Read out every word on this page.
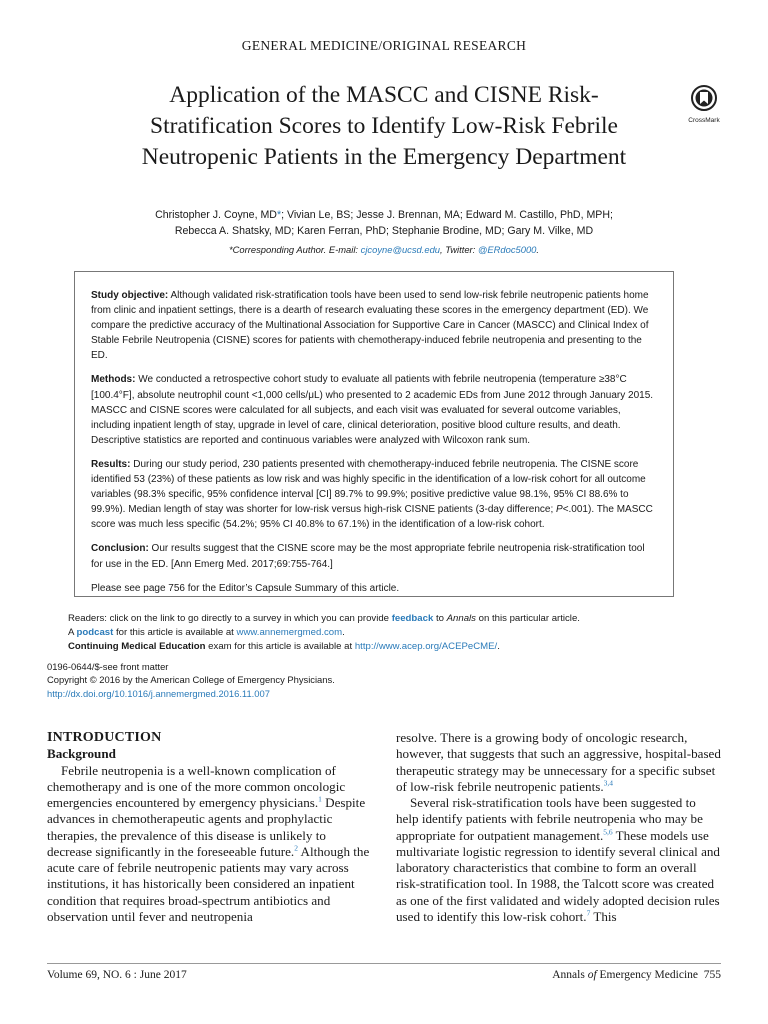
GENERAL MEDICINE/ORIGINAL RESEARCH
Application of the MASCC and CISNE Risk-Stratification Scores to Identify Low-Risk Febrile Neutropenic Patients in the Emergency Department
CrossMark
Christopher J. Coyne, MD*; Vivian Le, BS; Jesse J. Brennan, MA; Edward M. Castillo, PhD, MPH;
Rebecca A. Shatsky, MD; Karen Ferran, PhD; Stephanie Brodine, MD; Gary M. Vilke, MD
*Corresponding Author. E-mail: cjcoyne@ucsd.edu, Twitter: @ERdoc5000.

Study objective: Although validated risk-stratification tools have been used to send low-risk febrile neutropenic patients home from clinic and inpatient settings, there is a dearth of research evaluating these scores in the emergency department (ED). We compare the predictive accuracy of the Multinational Association for Supportive Care in Cancer (MASCC) and Clinical Index of Stable Febrile Neutropenia (CISNE) scores for patients with chemotherapy-induced febrile neutropenia and presenting to the ED.

Methods: We conducted a retrospective cohort study to evaluate all patients with febrile neutropenia (temperature ≥38°C [100.4°F], absolute neutrophil count <1,000 cells/μL) who presented to 2 academic EDs from June 2012 through January 2015. MASCC and CISNE scores were calculated for all subjects, and each visit was evaluated for several outcome variables, including inpatient length of stay, upgrade in level of care, clinical deterioration, positive blood culture results, and death. Descriptive statistics are reported and continuous variables were analyzed with Wilcoxon rank sum.

Results: During our study period, 230 patients presented with chemotherapy-induced febrile neutropenia. The CISNE score identified 53 (23%) of these patients as low risk and was highly specific in the identification of a low-risk cohort for all outcome variables (98.3% specific, 95% confidence interval [CI] 89.7% to 99.9%; positive predictive value 98.1%, 95% CI 88.6% to 99.9%). Median length of stay was shorter for low-risk versus high-risk CISNE patients (3-day difference; P<.001). The MASCC score was much less specific (54.2%; 95% CI 40.8% to 67.1%) in the identification of a low-risk cohort.

Conclusion: Our results suggest that the CISNE score may be the most appropriate febrile neutropenia risk-stratification tool for use in the ED. [Ann Emerg Med. 2017;69:755-764.]

Please see page 756 for the Editor’s Capsule Summary of this article.

Readers: click on the link to go directly to a survey in which you can provide feedback to Annals on this particular article.

A podcast for this article is available at www.annemergmed.com.

Continuing Medical Education exam for this article is available at http://www.acep.org/ACEPeCME/.

0196-0644/$-see front matter

Copyright © 2016 by the American College of Emergency Physicians.

http://dx.doi.org/10.1016/j.annemergmed.2016.11.007

INTRODUCTION

Background

Febrile neutropenia is a well-known complication of chemotherapy and is one of the more common oncologic emergencies encountered by emergency physicians.$^1$ Despite advances in chemotherapeutic agents and prophylactic therapies, the prevalence of this disease is unlikely to decrease significantly in the foreseeable future.$^2$ Although the acute care of febrile neutropenic patients may vary across institutions, it has historically been considered an inpatient condition that requires broad-spectrum antibiotics and observation until fever and neutropenia

resolve. There is a growing body of oncologic research, however, that suggests that such an aggressive, hospital-based therapeutic strategy may be unnecessary for a specific subset of low-risk febrile neutropenic patients.$^{3,4}$

Several risk-stratification tools have been suggested to help identify patients with febrile neutropenia who may be appropriate for outpatient management.$^{5,6}$ These models use multivariate logistic regression to identify several clinical and laboratory characteristics that combine to form an overall risk-stratification tool. In 1988, the Talcott score was created as one of the first validated and widely adopted decision rules used to identify this low-risk cohort.$^7$ This

Volume 69, NO. 6 : June 2017	Annals of Emergency Medicine 755
